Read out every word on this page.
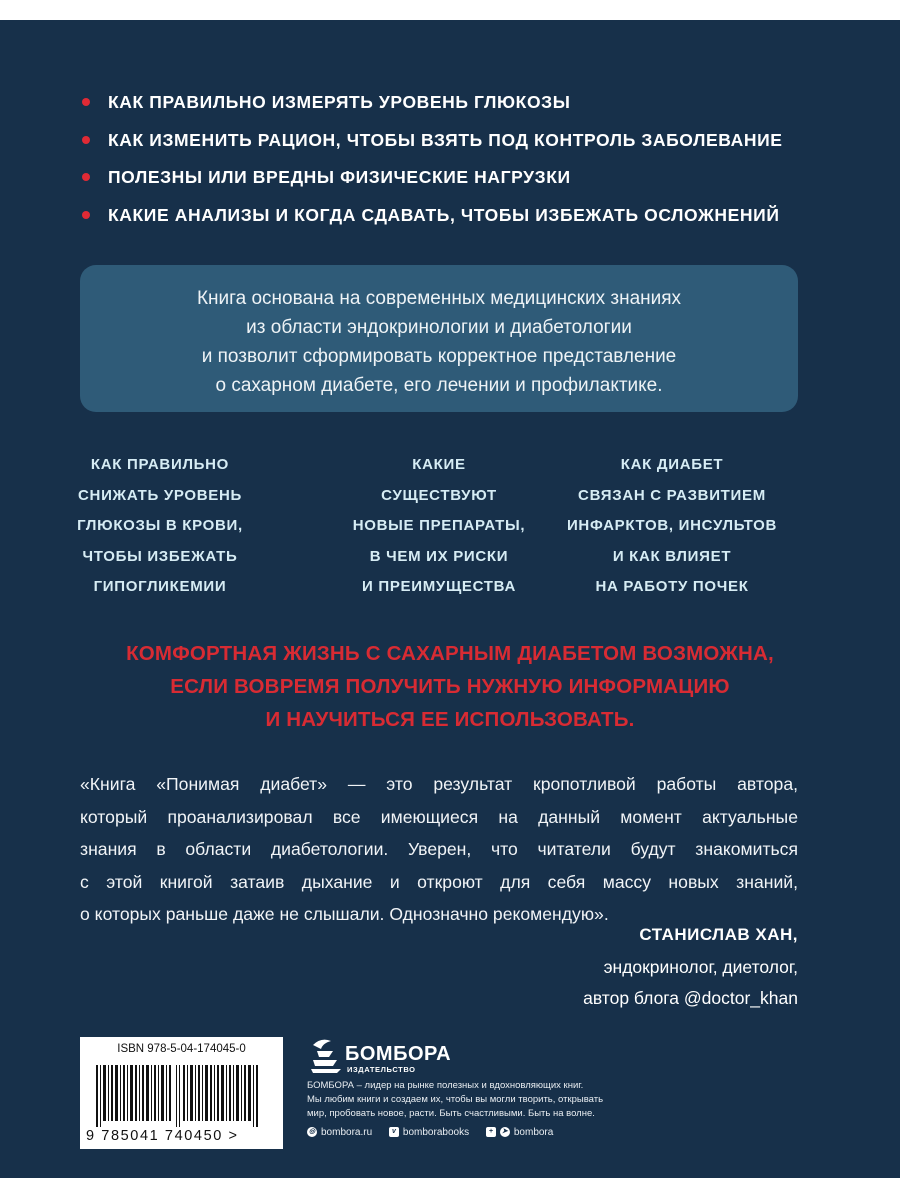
КАК ПРАВИЛЬНО ИЗМЕРЯТЬ УРОВЕНЬ ГЛЮКОЗЫ
КАК ИЗМЕНИТЬ РАЦИОН, ЧТОБЫ ВЗЯТЬ ПОД КОНТРОЛЬ ЗАБОЛЕВАНИЕ
ПОЛЕЗНЫ ИЛИ ВРЕДНЫ ФИЗИЧЕСКИЕ НАГРУЗКИ
КАКИЕ АНАЛИЗЫ И КОГДА СДАВАТЬ, ЧТОБЫ ИЗБЕЖАТЬ ОСЛОЖНЕНИЙ

Книга основана на современных медицинских знаниях
из области эндокринологии и диабетологии
и позволит сформировать корректное представление
о сахарном диабете, его лечении и профилактике.

КАК ПРАВИЛЬНО
СНИЖАТЬ УРОВЕНЬ
ГЛЮКОЗЫ В КРОВИ,
ЧТОБЫ ИЗБЕЖАТЬ
ГИПОГЛИКЕМИИ
КАКИЕ
СУЩЕСТВУЮТ
НОВЫЕ ПРЕПАРАТЫ,
В ЧЕМ ИХ РИСКИ
И ПРЕИМУЩЕСТВА
КАК ДИАБЕТ
СВЯЗАН С РАЗВИТИЕМ
ИНФАРКТОВ, ИНСУЛЬТОВ
И КАК ВЛИЯЕТ
НА РАБОТУ ПОЧЕК
КОМФОРТНАЯ ЖИЗНЬ С САХАРНЫМ ДИАБЕТОМ ВОЗМОЖНА,
ЕСЛИ ВОВРЕМЯ ПОЛУЧИТЬ НУЖНУЮ ИНФОРМАЦИЮ
И НАУЧИТЬСЯ ЕЕ ИСПОЛЬЗОВАТЬ.
«Книга «Понимая диабет» — это результат кропотливой работы автора,
который проанализировал все имеющиеся на данный момент актуальные
знания в области диабетологии. Уверен, что читатели будут знакомиться
с этой книгой затаив дыхание и откроют для себя массу новых знаний,
о которых раньше даже не слышали. Однозначно рекомендую».
СТАНИСЛАВ ХАН,
эндокринолог, диетолог,
автор блога @doctor_khan
ISBN 978-5-04-174045-0
9 785041 740450 >
БОМБОРА
ИЗДАТЕЛЬСТВО
БОМБОРА – лидер на рынке полезных и вдохновляющих книг.
Мы любим книги и создаем их, чтобы вы могли творить, открывать
мир, пробовать новое, расти. Быть счастливыми. Быть на волне.
◎ bombora.ru
	v bomborabooks
	+	➤ bombora
